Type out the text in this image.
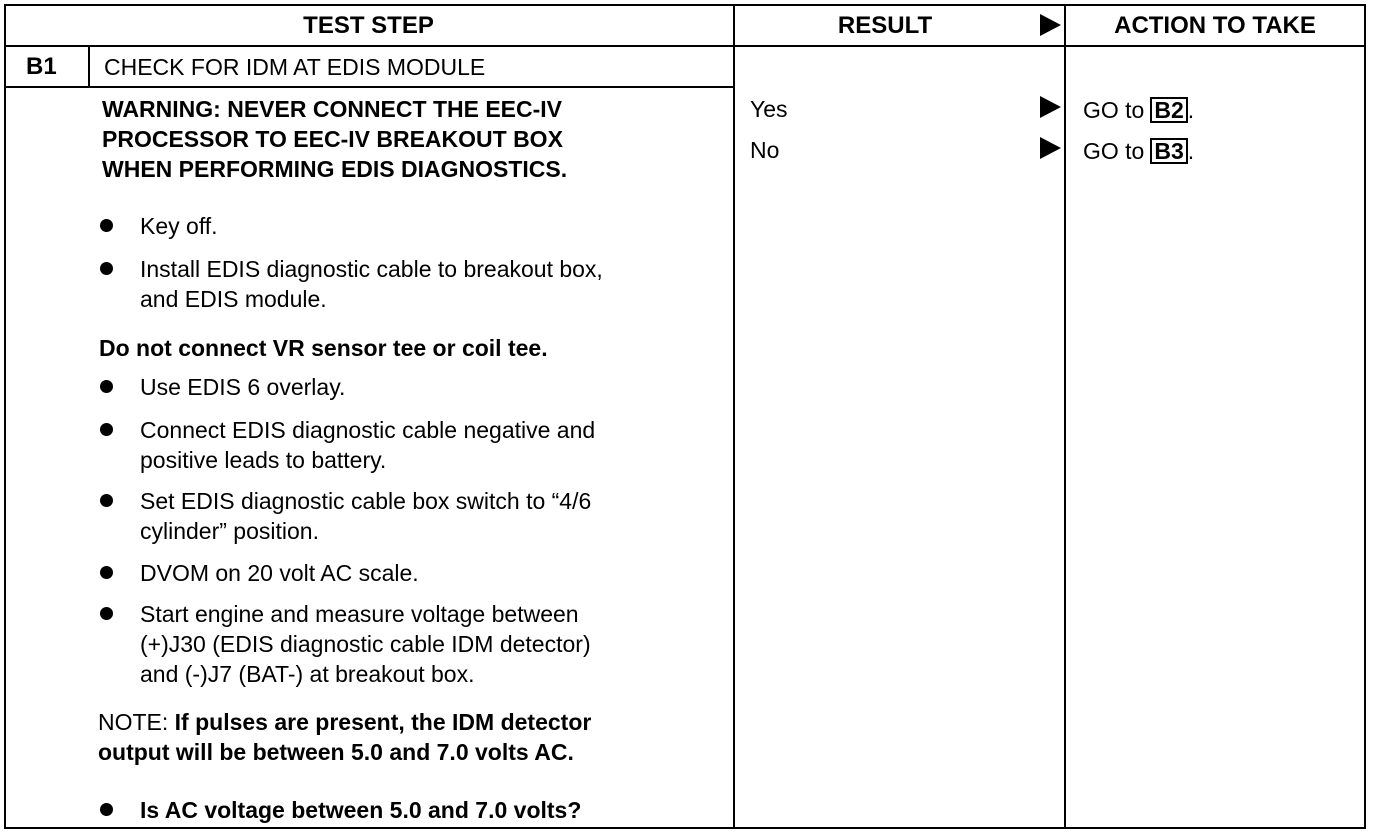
TEST STEP	RESULT	ACTION TO TAKE
B1 CHECK FOR IDM AT EDIS MODULE
WARNING: NEVER CONNECT THE EEC-IV
PROCESSOR TO EEC-IV BREAKOUT BOX
WHEN PERFORMING EDIS DIAGNOSTICS.
Key off.
Install EDIS diagnostic cable to breakout box,
and EDIS module.
Do not connect VR sensor tee or coil tee.
Use EDIS 6 overlay.
Connect EDIS diagnostic cable negative and
positive leads to battery.
Set EDIS diagnostic cable box switch to “4/6
cylinder” position.
DVOM on 20 volt AC scale.
Start engine and measure voltage between
(+)J30 (EDIS diagnostic cable IDM detector)
and (-)J7 (BAT-) at breakout box.
NOTE: If pulses are present, the IDM detector
output will be between 5.0 and 7.0 volts AC.
Is AC voltage between 5.0 and 7.0 volts?
Yes	GO to B2 .
No	GO to B3 .
